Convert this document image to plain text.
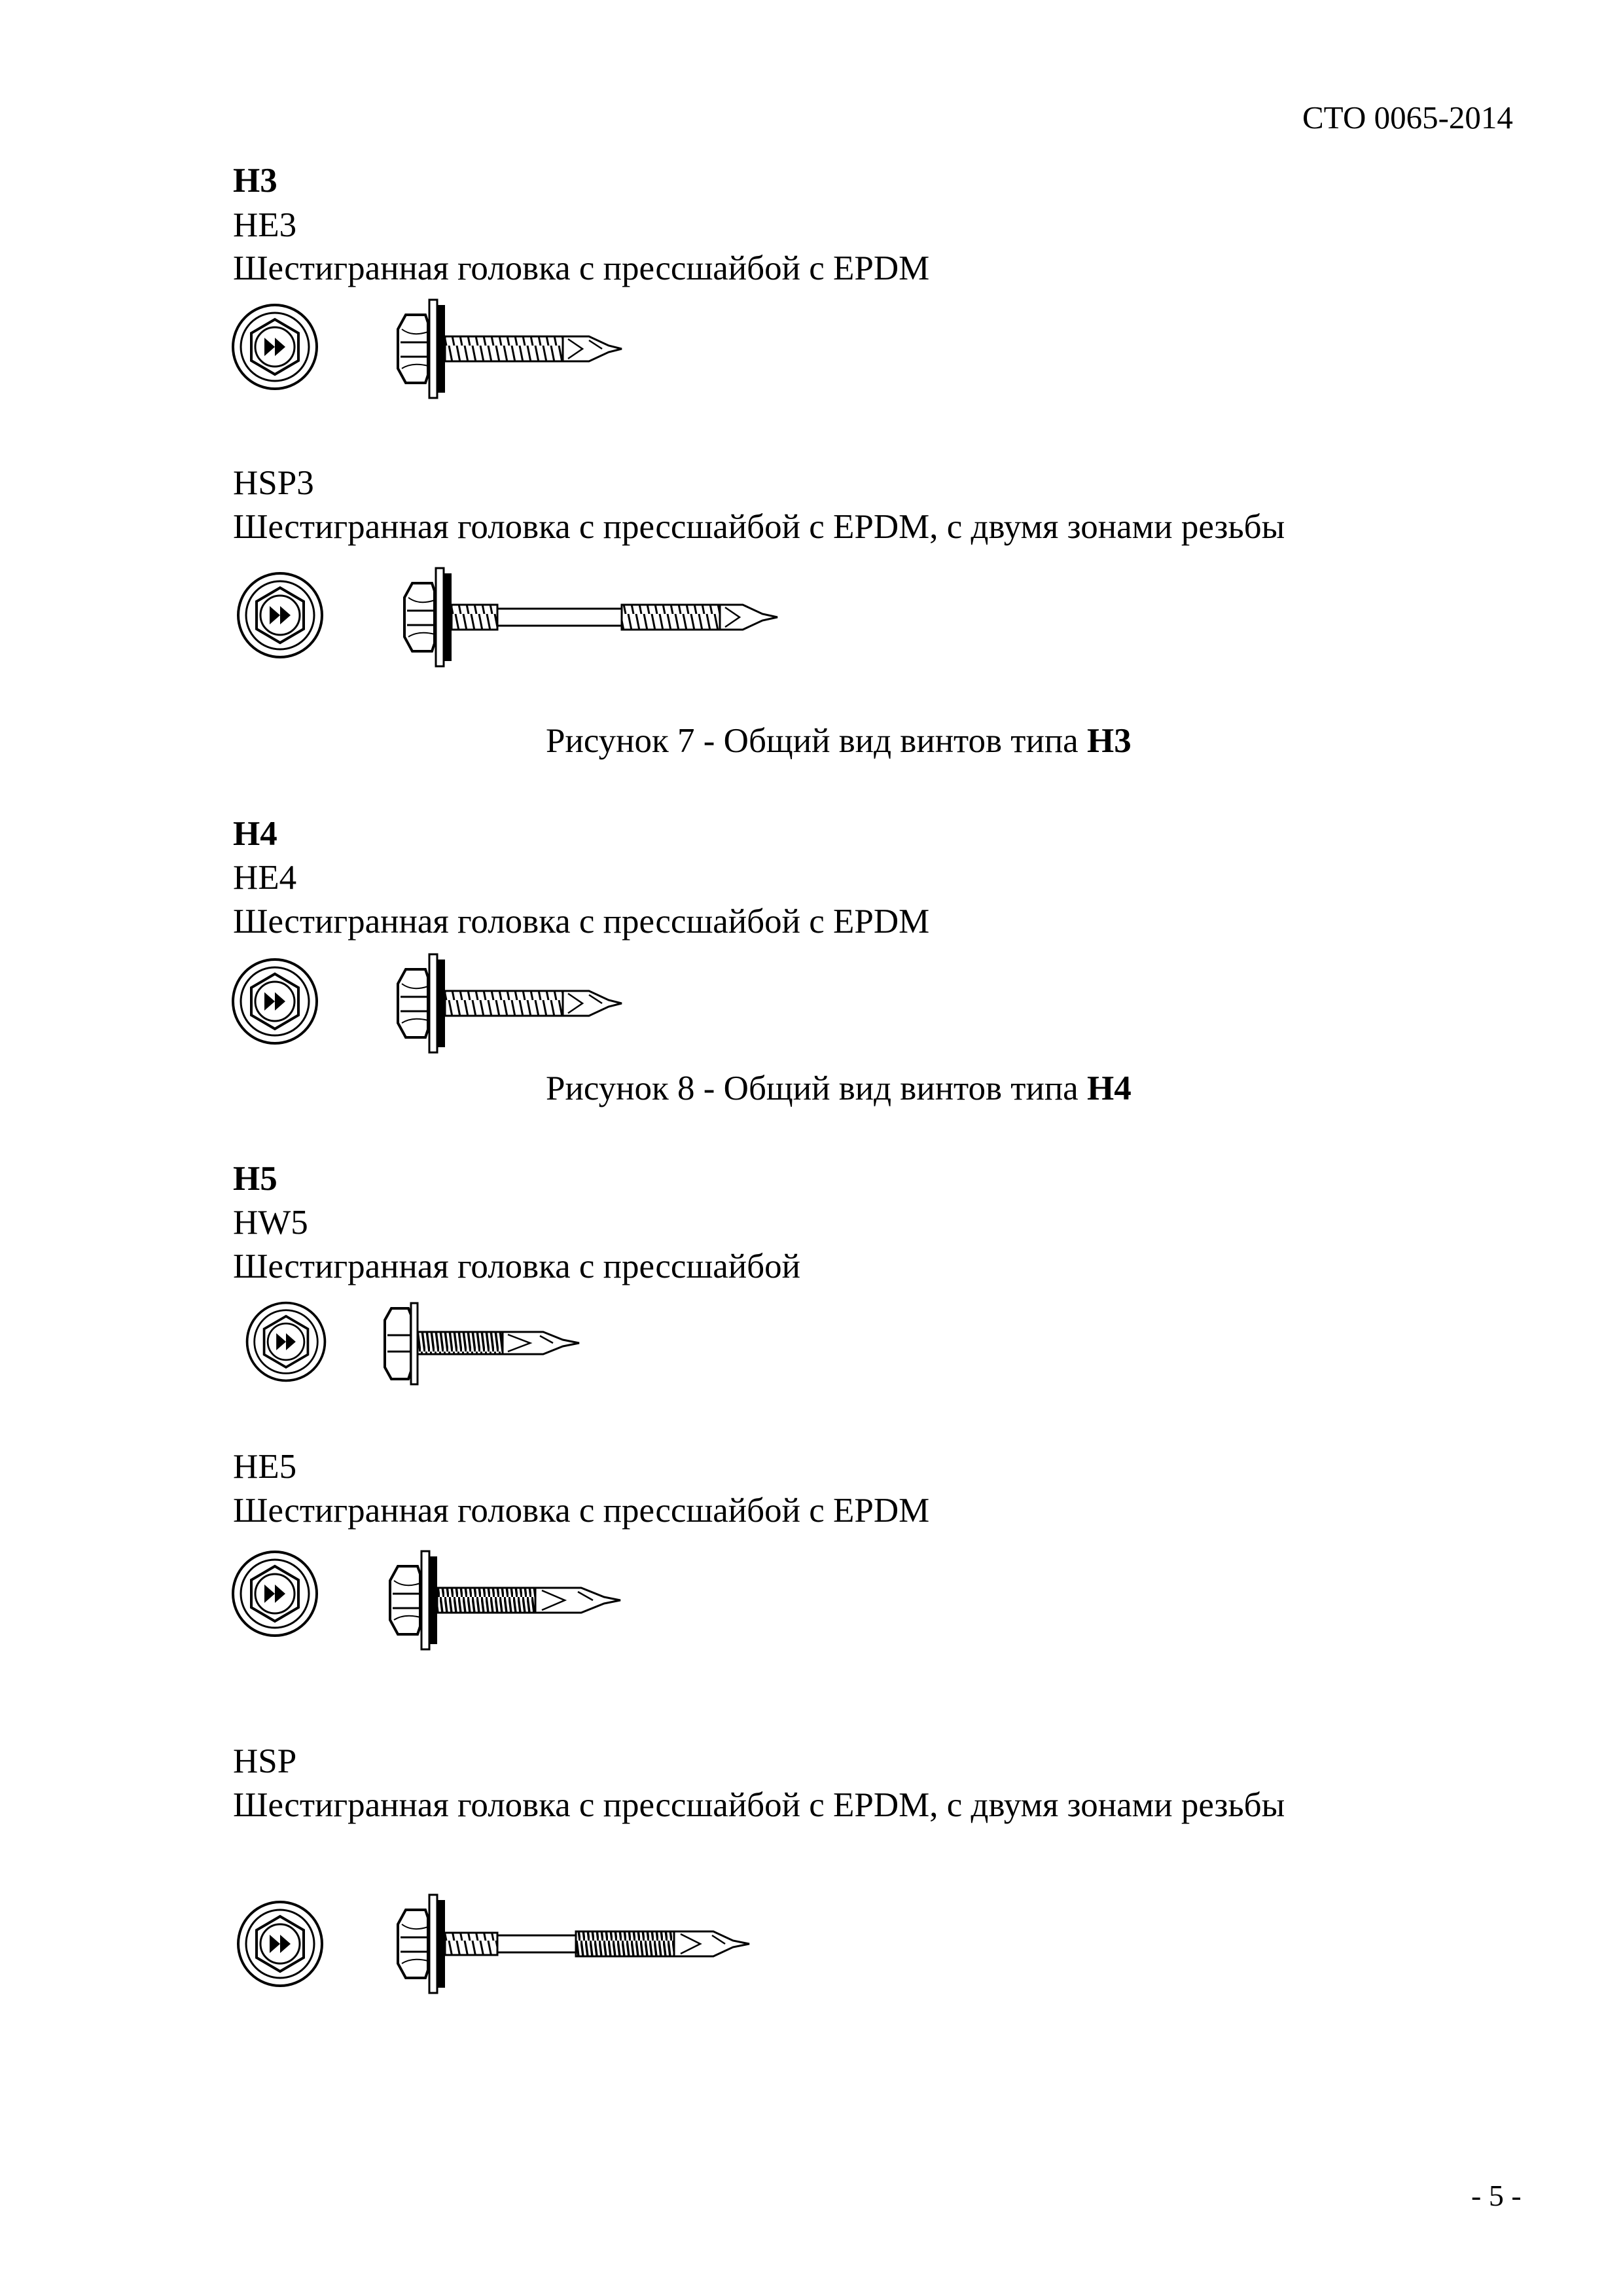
СТО 0065-2014
H3
HE3
Шестигранная головка с прессшайбой с EPDM
HSP3
Шестигранная головка с прессшайбой с EPDM, с двумя зонами резьбы
Рисунок 7 - Общий вид винтов типа H3
H4
HE4
Шестигранная головка с прессшайбой с EPDM
Рисунок 8 - Общий вид винтов типа H4
H5
HW5
Шестигранная головка с прессшайбой
HE5
Шестигранная головка с прессшайбой с EPDM
HSP
Шестигранная головка с прессшайбой с EPDM, с двумя зонами резьбы
- 5 -
